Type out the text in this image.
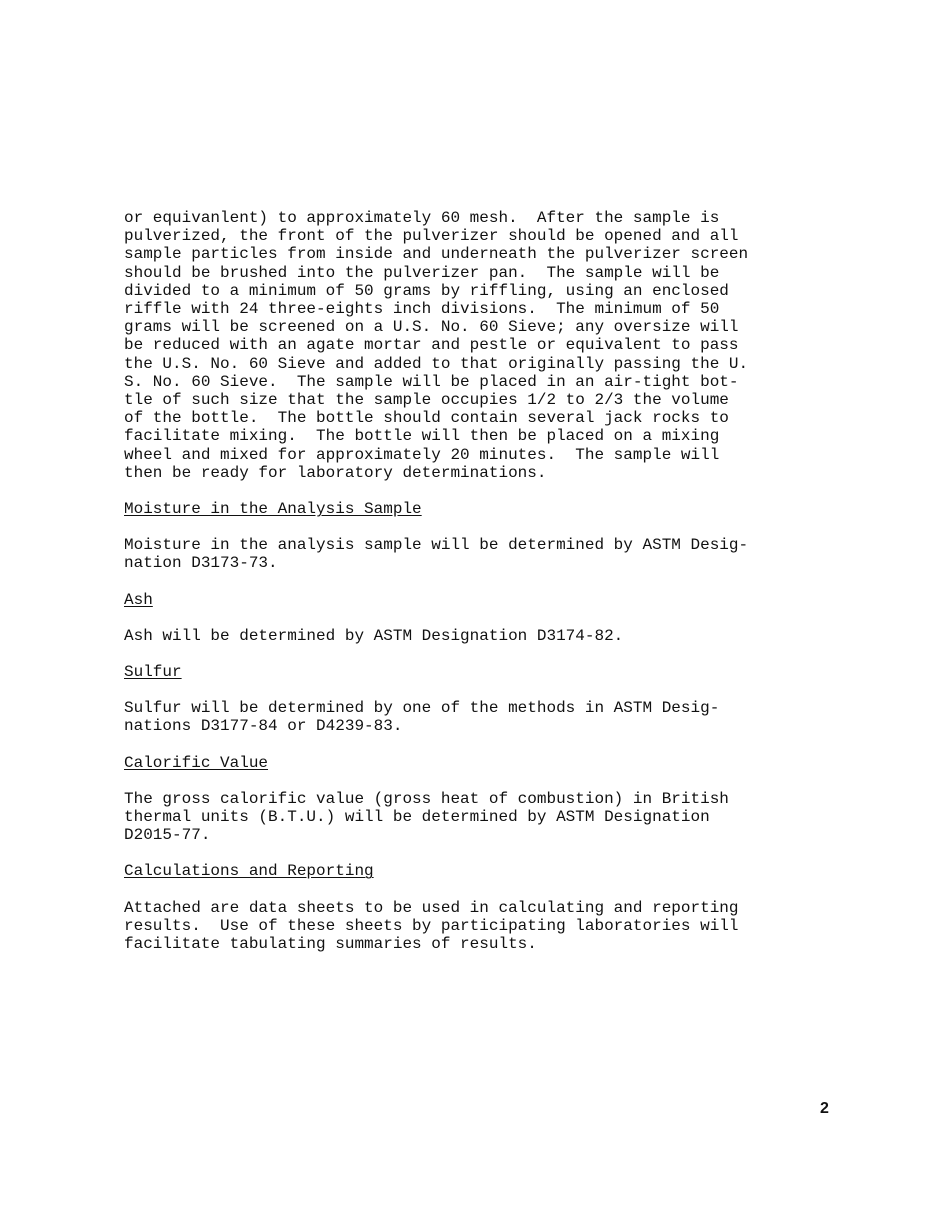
or equivanlent) to approximately 60 mesh.  After the sample is
pulverized, the front of the pulverizer should be opened and all
sample particles from inside and underneath the pulverizer screen
should be brushed into the pulverizer pan.  The sample will be
divided to a minimum of 50 grams by riffling, using an enclosed
riffle with 24 three-eights inch divisions.  The minimum of 50
grams will be screened on a U.S. No. 60 Sieve; any oversize will
be reduced with an agate mortar and pestle or equivalent to pass
the U.S. No. 60 Sieve and added to that originally passing the U.
S. No. 60 Sieve.  The sample will be placed in an air-tight bot-
tle of such size that the sample occupies 1/2 to 2/3 the volume
of the bottle.  The bottle should contain several jack rocks to
facilitate mixing.  The bottle will then be placed on a mixing
wheel and mixed for approximately 20 minutes.  The sample will
then be ready for laboratory determinations.

Moisture in the Analysis Sample

Moisture in the analysis sample will be determined by ASTM Desig-
nation D3173-73.

Ash

Ash will be determined by ASTM Designation D3174-82.

Sulfur

Sulfur will be determined by one of the methods in ASTM Desig-
nations D3177-84 or D4239-83.

Calorific Value

The gross calorific value (gross heat of combustion) in British
thermal units (B.T.U.) will be determined by ASTM Designation
D2015-77.

Calculations and Reporting

Attached are data sheets to be used in calculating and reporting
results.  Use of these sheets by participating laboratories will
facilitate tabulating summaries of results.

2
